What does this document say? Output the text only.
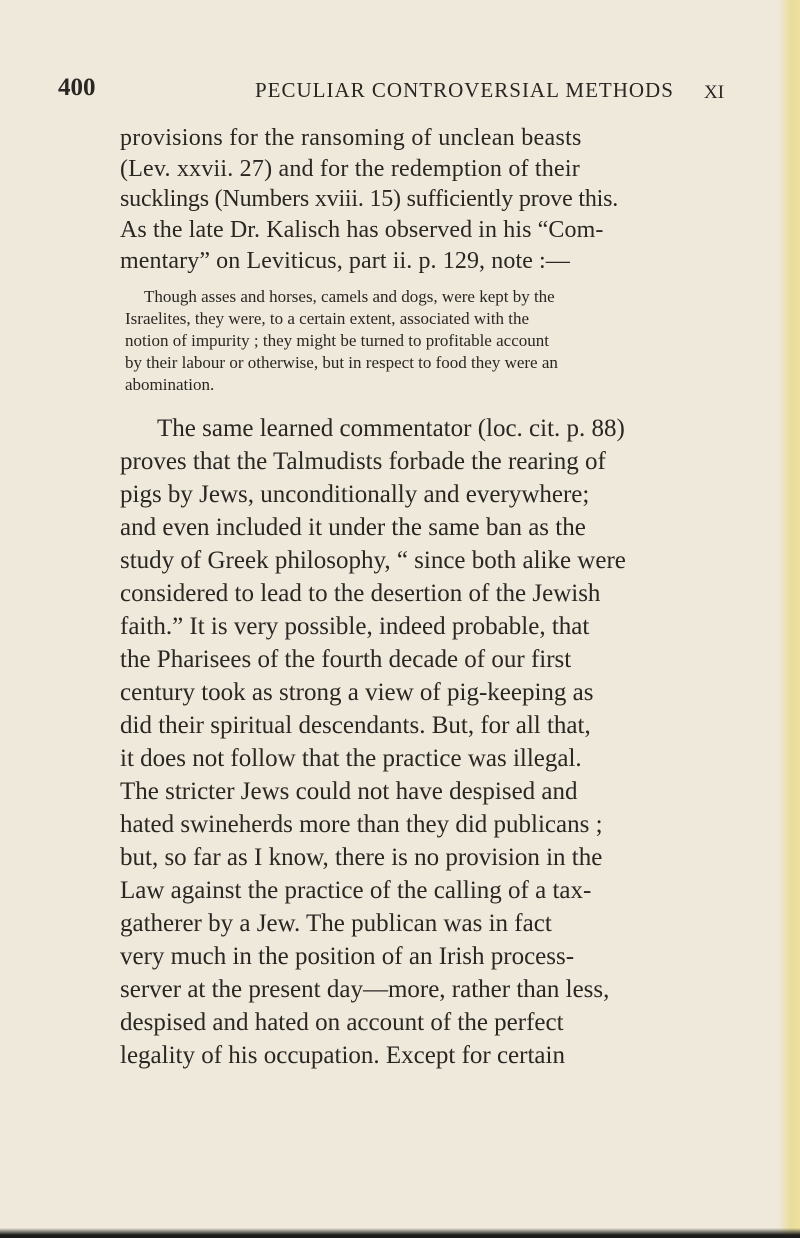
400	PECULIAR CONTROVERSIAL METHODS XI
provisions for the ransoming of unclean beasts
(Lev. xxvii. 27) and for the redemption of their
sucklings (Numbers xviii. 15) sufficiently prove this.
As the late Dr. Kalisch has observed in his “Com-
mentary” on Leviticus, part ii. p. 129, note :—
Though asses and horses, camels and dogs, were kept by the
Israelites, they were, to a certain extent, associated with the
notion of impurity ; they might be turned to profitable account
by their labour or otherwise, but in respect to food they were an
abomination.
The same learned commentator (loc. cit. p. 88)
proves that the Talmudists forbade the rearing of
pigs by Jews, unconditionally and everywhere;
and even included it under the same ban as the
study of Greek philosophy, “ since both alike were
considered to lead to the desertion of the Jewish
faith.” It is very possible, indeed probable, that
the Pharisees of the fourth decade of our first
century took as strong a view of pig-keeping as
did their spiritual descendants. But, for all that,
it does not follow that the practice was illegal.
The stricter Jews could not have despised and
hated swineherds more than they did publicans ;
but, so far as I know, there is no provision in the
Law against the practice of the calling of a tax-
gatherer by a Jew. The publican was in fact
very much in the position of an Irish process-
server at the present day—more, rather than less,
despised and hated on account of the perfect
legality of his occupation. Except for certain
